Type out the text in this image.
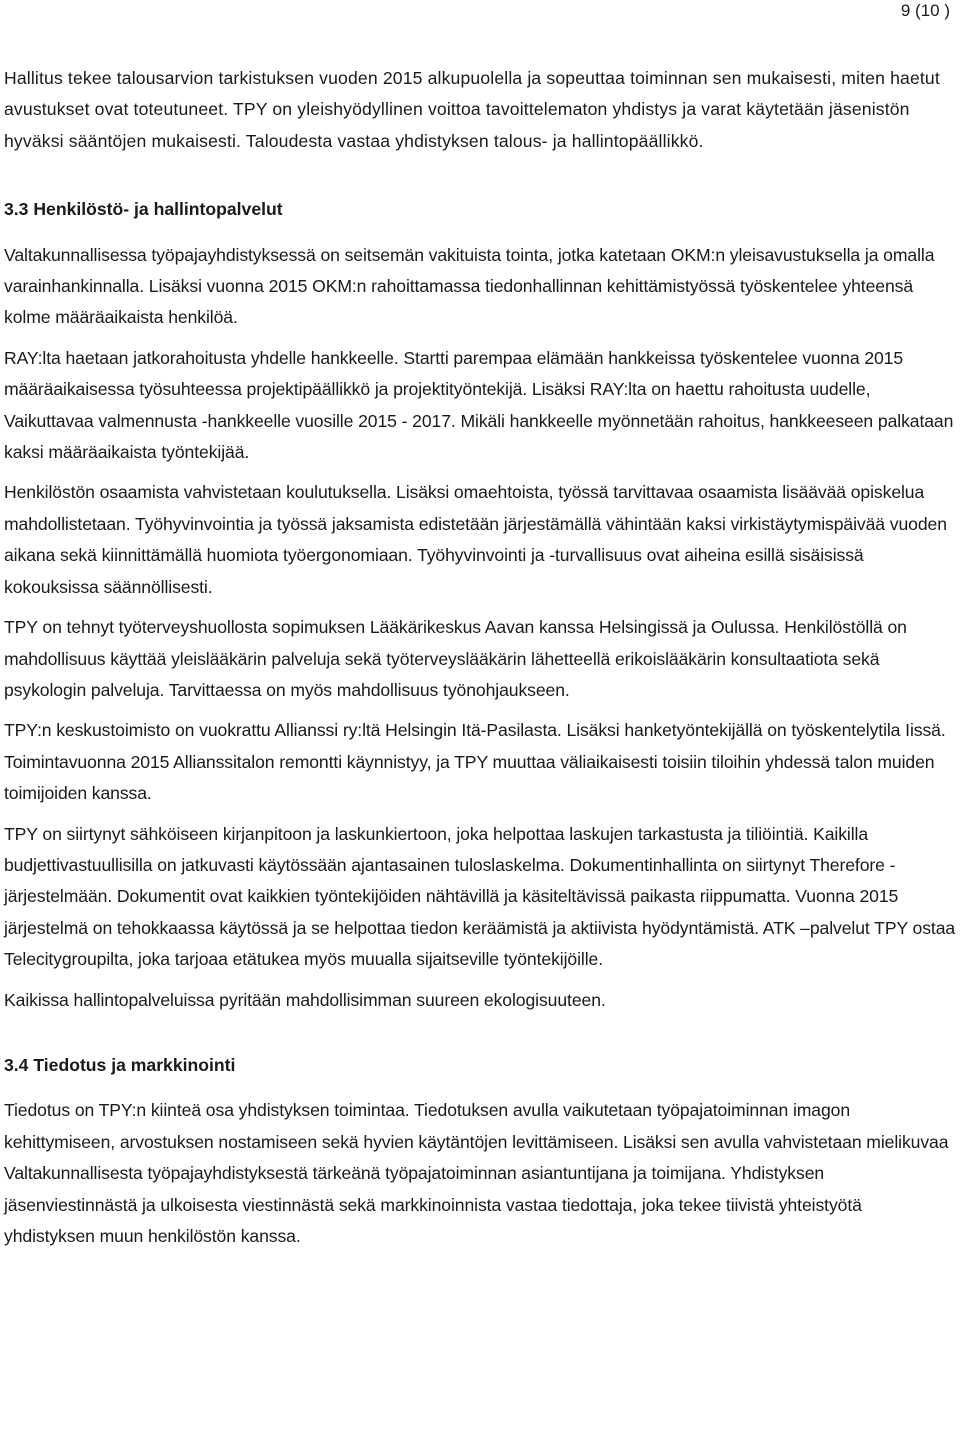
9 (10 )

Hallitus tekee talousarvion tarkistuksen vuoden 2015 alkupuolella ja sopeuttaa toiminnan sen mukaisesti, miten haetut avustukset ovat toteutuneet. TPY on yleishyödyllinen voittoa tavoittelematon yhdistys ja varat käytetään jäsenistön hyväksi sääntöjen mukaisesti. Taloudesta vastaa yhdistyksen talous- ja hallintopäällikkö.

3.3 Henkilöstö- ja hallintopalvelut

Valtakunnallisessa työpajayhdistyksessä on seitsemän vakituista tointa, jotka katetaan OKM:n yleisavustuksella ja omalla varainhankinnalla. Lisäksi vuonna 2015 OKM:n rahoittamassa tiedonhallinnan kehittämistyössä työskentelee yhteensä kolme määräaikaista henkilöä.

RAY:lta haetaan jatkorahoitusta yhdelle hankkeelle. Startti parempaa elämään hankkeissa työskentelee vuonna 2015 määräaikaisessa työsuhteessa projektipäällikkö ja projektityöntekijä. Lisäksi RAY:lta on haettu rahoitusta uudelle, Vaikuttavaa valmennusta -hankkeelle vuosille 2015 - 2017. Mikäli hankkeelle myönnetään rahoitus, hankkeeseen palkataan kaksi määräaikaista työntekijää.

Henkilöstön osaamista vahvistetaan koulutuksella. Lisäksi omaehtoista, työssä tarvittavaa osaamista lisäävää opiskelua mahdollistetaan. Työhyvinvointia ja työssä jaksamista edistetään järjestämällä vähintään kaksi virkistäytymispäivää vuoden aikana sekä kiinnittämällä huomiota työergonomiaan. Työhyvinvointi ja -turvallisuus ovat aiheina esillä sisäisissä kokouksissa säännöllisesti.

TPY on tehnyt työterveyshuollosta sopimuksen Lääkärikeskus Aavan kanssa Helsingissä ja Oulussa. Henkilöstöllä on mahdollisuus käyttää yleislääkärin palveluja sekä työterveyslääkärin lähetteellä erikoislääkärin konsultaatiota sekä psykologin palveluja. Tarvittaessa on myös mahdollisuus työnohjaukseen.

TPY:n keskustoimisto on vuokrattu Allianssi ry:ltä Helsingin Itä-Pasilasta. Lisäksi hanketyöntekijällä on työskentelytila Iissä. Toimintavuonna 2015 Allianssitalon remontti käynnistyy, ja TPY muuttaa väliaikaisesti toisiin tiloihin yhdessä talon muiden toimijoiden kanssa.

TPY on siirtynyt sähköiseen kirjanpitoon ja laskunkiertoon, joka helpottaa laskujen tarkastusta ja tiliöintiä. Kaikilla budjettivastuullisilla on jatkuvasti käytössään ajantasainen tuloslaskelma. Dokumentinhallinta on siirtynyt Therefore -järjestelmään. Dokumentit ovat kaikkien työntekijöiden nähtävillä ja käsiteltävissä paikasta riippumatta. Vuonna 2015 järjestelmä on tehokkaassa käytössä ja se helpottaa tiedon keräämistä ja aktiivista hyödyntämistä. ATK –palvelut TPY ostaa Telecitygroupilta, joka tarjoaa etätukea myös muualla sijaitseville työntekijöille.

Kaikissa hallintopalveluissa pyritään mahdollisimman suureen ekologisuuteen.

3.4 Tiedotus ja markkinointi

Tiedotus on TPY:n kiinteä osa yhdistyksen toimintaa. Tiedotuksen avulla vaikutetaan työpajatoiminnan imagon kehittymiseen, arvostuksen nostamiseen sekä hyvien käytäntöjen levittämiseen. Lisäksi sen avulla vahvistetaan mielikuvaa Valtakunnallisesta työpajayhdistyksestä tärkeänä työpajatoiminnan asiantuntijana ja toimijana. Yhdistyksen jäsenviestinnästä ja ulkoisesta viestinnästä sekä markkinoinnista vastaa tiedottaja, joka tekee tiivistä yhteistyötä yhdistyksen muun henkilöstön kanssa.
